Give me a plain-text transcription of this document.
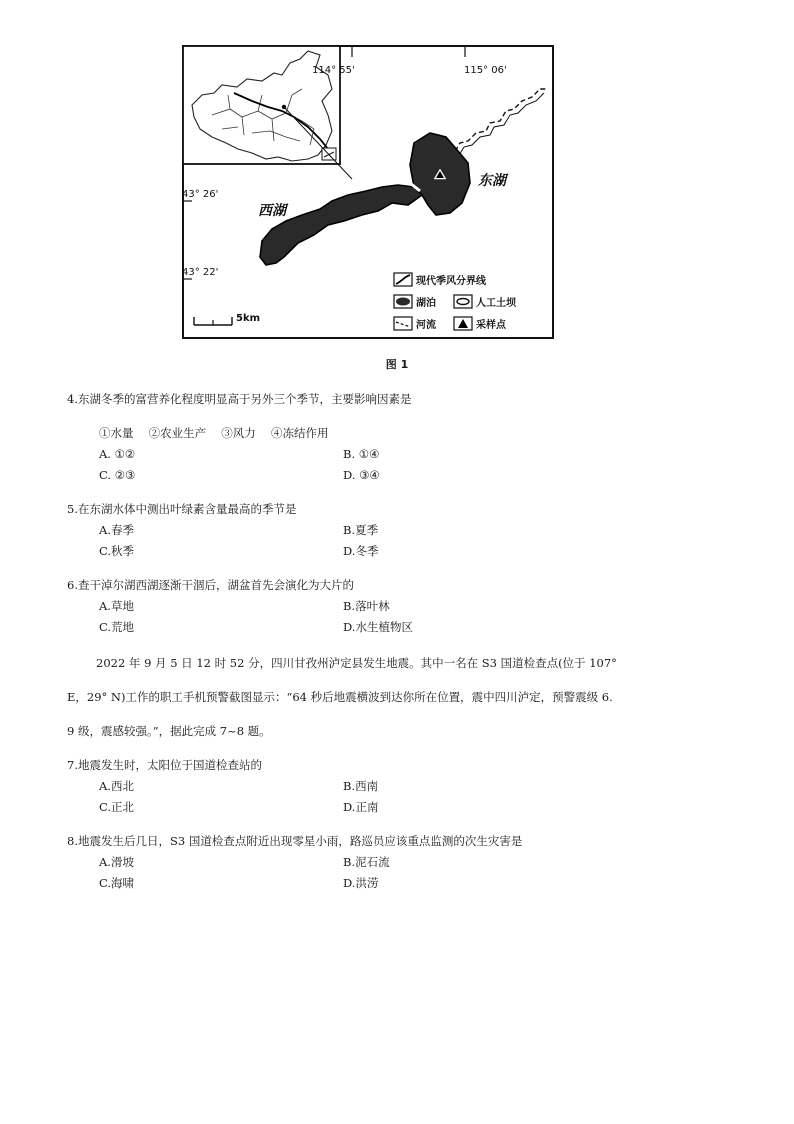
114° 55'	115° 06'
43° 26'
43° 22'
东湖
西湖
5km
现代季风分界线
湖泊	人工土坝
河流	采样点
图 1
4.东湖冬季的富营养化程度明显高于另外三个季节，主要影响因素是
①水量　 ②农业生产　 ③风力　 ④冻结作用
A. ①②	B. ①④
C. ②③	D. ③④
5.在东湖水体中测出叶绿素含量最高的季节是
A.春季	B.夏季
C.秋季	D.冬季
6.查干淖尔湖西湖逐渐干涸后，湖盆首先会演化为大片的
A.草地	B.落叶林
C.荒地	D.水生植物区
2022 年 9 月 5 日 12 时 52 分，四川甘孜州泸定县发生地震。其中一名在 S3 国道检查点(位于 107°
E，29° N)工作的职工手机预警截图显示：“64 秒后地震横波到达你所在位置，震中四川泸定，预警震级 6.
9 级，震感较强。”，据此完成 7~8 题。
7.地震发生时，太阳位于国道检查站的
A.西北	B.西南
C.正北	D.正南
8.地震发生后几日，S3 国道检查点附近出现零星小雨，路巡员应该重点监测的次生灾害是
A.滑坡	B.泥石流
C.海啸	D.洪涝
